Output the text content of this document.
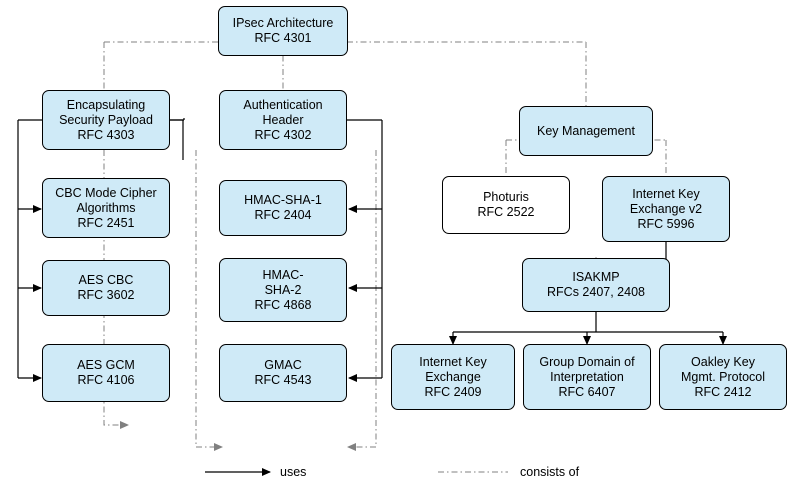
IPsec Architecture
RFC 4301
Encapsulating
Security Payload
RFC 4303
Authentication
Header
RFC 4302	Key Management
CBC Mode Cipher
Algorithms
RFC 2451
HMAC-SHA-1
RFC 2404
Photuris
RFC 2522
Internet Key
Exchange v2
RFC 5996
AES CBC
RFC 3602
HMAC-
SHA-2
RFC 4868
ISAKMP
RFCs 2407, 2408
AES GCM
RFC 4106
GMAC
RFC 4543
Internet Key
Exchange
RFC 2409
Group Domain of
Interpretation
RFC 6407
Oakley Key
Mgmt. Protocol
RFC 2412
uses	consists of
